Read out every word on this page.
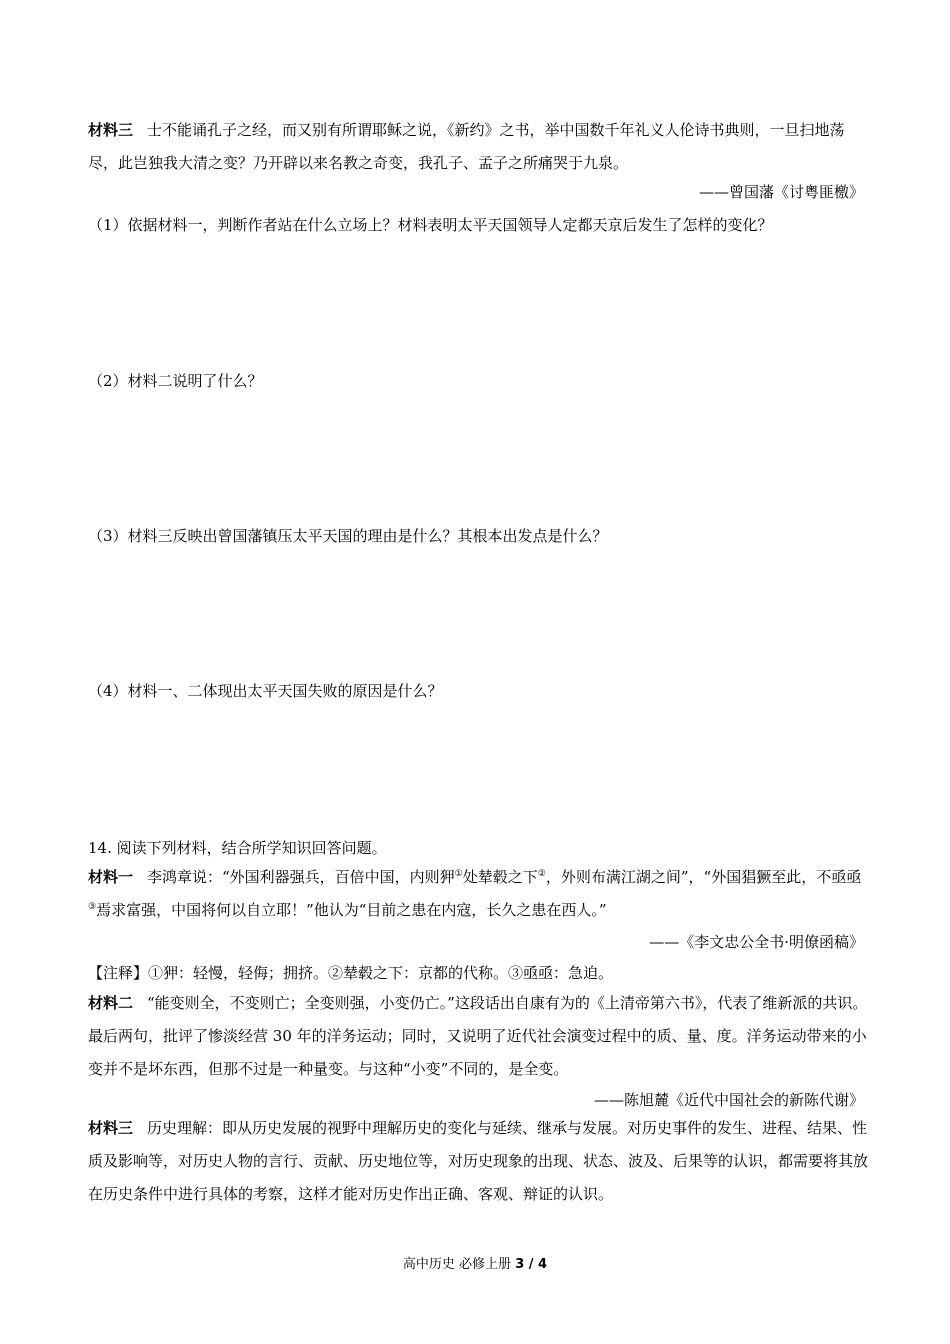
材料三 士不能诵孔子之经，而又别有所谓耶稣之说，《新约》之书，举中国数千年礼义人伦诗书典则，一旦扫地荡尽，此岂独我大清之变？乃开辟以来名教之奇变，我孔子、孟子之所痛哭于九泉。
——曾国藩《讨粤匪檄》
（1）依据材料一，判断作者站在什么立场上？材料表明太平天国领导人定都天京后发生了怎样的变化？
（2）材料二说明了什么？
（3）材料三反映出曾国藩镇压太平天国的理由是什么？其根本出发点是什么？
（4）材料一、二体现出太平天国失败的原因是什么？
14. 阅读下列材料，结合所学知识回答问题。
材料一 李鸿章说：“外国利器强兵，百倍中国，内则狎①处辇毂之下②，外则布满江湖之间”，“外国猖獗至此，不亟亟③焉求富强，中国将何以自立耶！”他认为“目前之患在内寇，长久之患在西人。”
——《李文忠公全书·明僚函稿》
【注释】①狎：轻慢，轻侮；拥挤。②辇毂之下：京都的代称。③亟亟：急迫。
材料二 “能变则全，不变则亡；全变则强，小变仍亡。”这段话出自康有为的《上清帝第六书》，代表了维新派的共识。最后两句，批评了惨淡经营 30 年的洋务运动；同时，又说明了近代社会演变过程中的质、量、度。洋务运动带来的小变并不是坏东西，但那不过是一种量变。与这种“小变”不同的，是全变。
——陈旭麓《近代中国社会的新陈代谢》
材料三 历史理解：即从历史发展的视野中理解历史的变化与延续、继承与发展。对历史事件的发生、进程、结果、性质及影响等，对历史人物的言行、贡献、历史地位等，对历史现象的出现、状态、波及、后果等的认识，都需要将其放在历史条件中进行具体的考察，这样才能对历史作出正确、客观、辩证的认识。
高中历史 必修上册 3 / 4
